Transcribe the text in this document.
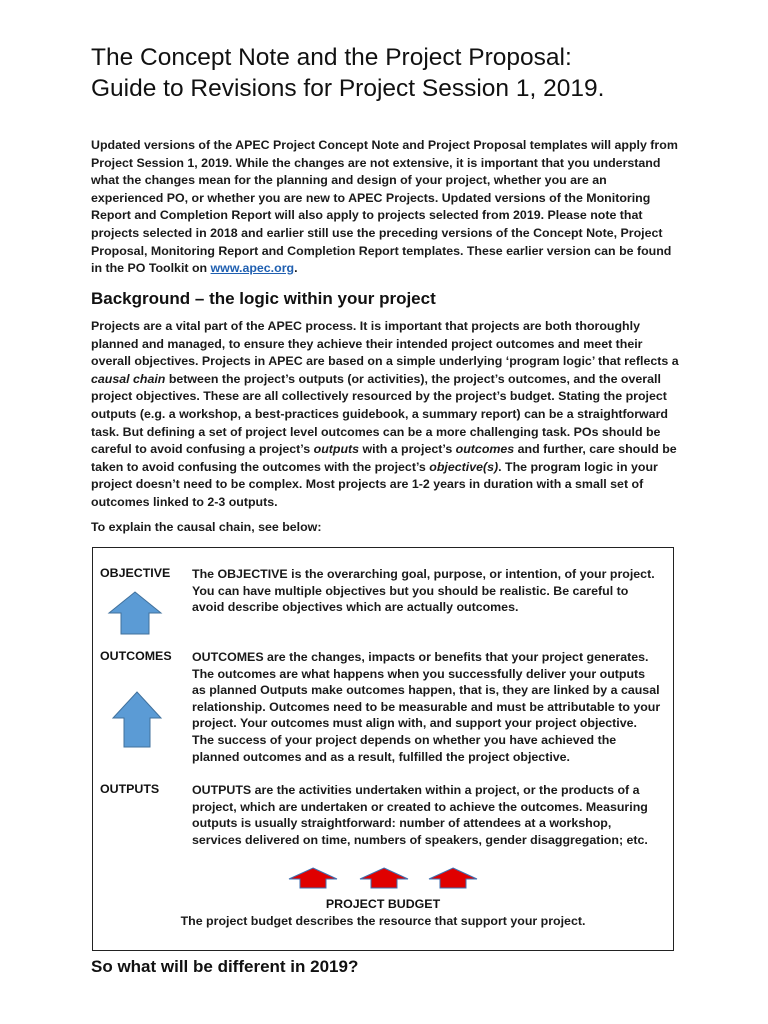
The Concept Note and the Project Proposal:
Guide to Revisions for Project Session 1, 2019.
Updated versions of the APEC Project Concept Note and Project Proposal templates will apply from Project Session 1, 2019. While the changes are not extensive, it is important that you understand what the changes mean for the planning and design of your project, whether you are an experienced PO, or whether you are new to APEC Projects. Updated versions of the Monitoring Report and Completion Report will also apply to projects selected from 2019. Please note that projects selected in 2018 and earlier still use the preceding versions of the Concept Note, Project Proposal, Monitoring Report and Completion Report templates. These earlier version can be found in the PO Toolkit on www.apec.org.
Background – the logic within your project
Projects are a vital part of the APEC process. It is important that projects are both thoroughly planned and managed, to ensure they achieve their intended project outcomes and meet their overall objectives. Projects in APEC are based on a simple underlying ‘program logic’ that reflects a causal chain between the project’s outputs (or activities), the project’s outcomes, and the overall project objectives. These are all collectively resourced by the project’s budget. Stating the project outputs (e.g. a workshop, a best-practices guidebook, a summary report) can be a straightforward task. But defining a set of project level outcomes can be a more challenging task. POs should be careful to avoid confusing a project’s outputs with a project’s outcomes and further, care should be taken to avoid confusing the outcomes with the project’s objective(s). The program logic in your project doesn’t need to be complex. Most projects are 1-2 years in duration with a small set of outcomes linked to 2-3 outputs.
To explain the causal chain, see below:
OBJECTIVE The OBJECTIVE is the overarching goal, purpose, or intention, of your project. You can have multiple objectives but you should be realistic. Be careful to avoid describe objectives which are actually outcomes.
OUTCOMES OUTCOMES are the changes, impacts or benefits that your project generates. The outcomes are what happens when you successfully deliver your outputs as planned Outputs make outcomes happen, that is, they are linked by a causal relationship. Outcomes need to be measurable and must be attributable to your project. Your outcomes must align with, and support your project objective. The success of your project depends on whether you have achieved the planned outcomes and as a result, fulfilled the project objective.
OUTPUTS	OUTPUTS are the activities undertaken within a project, or the products of a project, which are undertaken or created to achieve the outcomes. Measuring outputs is usually straightforward: number of attendees at a workshop, services delivered on time, numbers of speakers, gender disaggregation; etc.
PROJECT BUDGET
The project budget describes the resource that support your project.
So what will be different in 2019?
